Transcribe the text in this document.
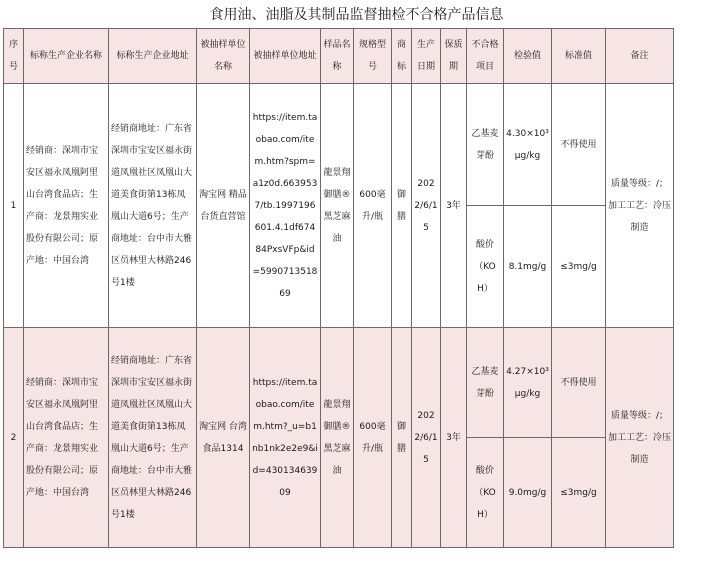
食用油、油脂及其制品监督抽检不合格产品信息
序号	标称生产企业名称	标称生产企业地址	被抽样单位名称	被抽样单位地址	样品名称	规格型号	商标	生产日期	保质期	不合格项目	检验值	标准值	备注
1	经销商：深圳市宝安区福永凤凰阿里山台湾食品店；生产商：龙景翔实业股份有限公司；原产地：中国台湾	经销商地址：广东省深圳市宝安区福永街道凤凰社区凤凰山大道美食街第13栋凤凰山大道6号；生产商地址：台中市大雅区员林里大林路246号1楼	淘宝网 精品台货直营馆	https://item.taobao.com/item.htm?spm=a1z0d.6639537/tb.1997196601.4.1df67484PxsVFp&id=599071351869	龍景翔御膳®黑芝麻油	600毫升/瓶	御膳	2022/6/15	3年	乙基麦芽酚	4.30×10³ μg/kg	不得使用	质量等级：/；加工工艺：冷压制造
										酸价（KOH）	8.1mg/g	≤3mg/g	
2	经销商：深圳市宝安区福永凤凰阿里山台湾食品店；生产商：龙景翔实业股份有限公司；原产地：中国台湾	经销商地址：广东省深圳市宝安区福永街道凤凰社区凤凰山大道美食街第13栋凤凰山大道6号；生产商地址：台中市大雅区员林里大林路246号1楼	淘宝网 台湾食品1314	https://item.taobao.com/item.htm?_u=b1nb1nk2e2e9&id=43013463909	龍景翔御膳®黑芝麻油	600毫升/瓶	御膳	2022/6/15	3年	乙基麦芽酚	4.27×10³ μg/kg	不得使用	质量等级：/；加工工艺：冷压制造
										酸价（KOH）	9.0mg/g	≤3mg/g	
